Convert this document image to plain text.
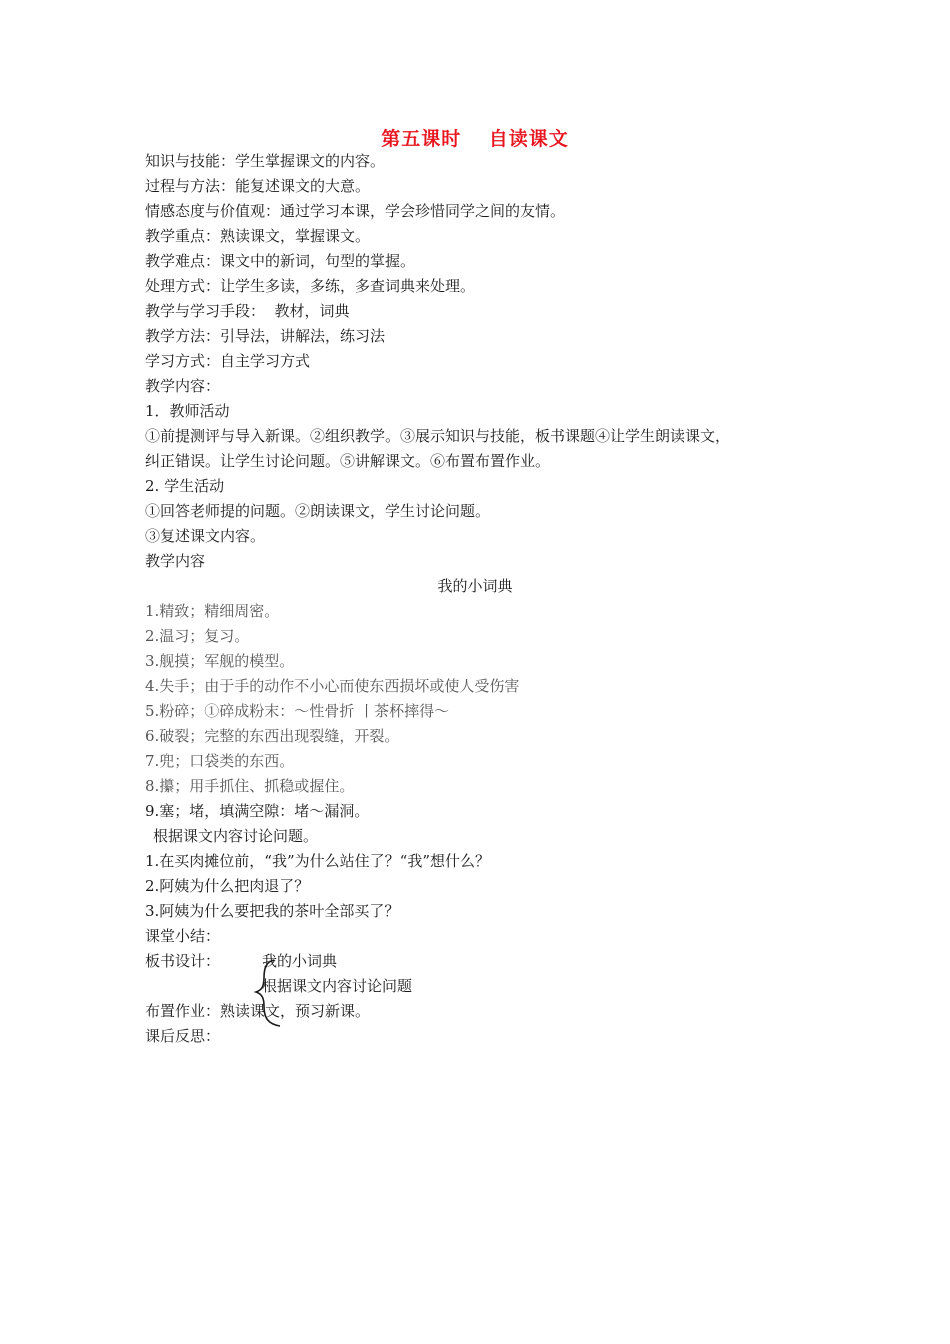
第五课时　 自读课文
知识与技能：学生掌握课文的内容。
过程与方法：能复述课文的大意。
情感态度与价值观：通过学习本课，学会珍惜同学之间的友情。
教学重点：熟读课文，掌握课文。
教学难点：课文中的新词，句型的掌握。
处理方式：让学生多读，多练，多查词典来处理。
教学与学习手段：  教材，词典
教学方法：引导法，讲解法，练习法
学习方式：自主学习方式
教学内容：
1．教师活动
①前提测评与导入新课。②组织教学。③展示知识与技能，板书课题④让学生朗读课文，
纠正错误。让学生讨论问题。⑤讲解课文。⑥布置布置作业。
2. 学生活动
①回答老师提的问题。②朗读课文，学生讨论问题。
③复述课文内容。
教学内容
我的小词典
1.精致；精细周密。
2.温习；复习。
3.舰摸；军舰的模型。
4.失手；由于手的动作不小心而使东西损坏或使人受伤害
5.粉碎；①碎成粉末：～性骨折 丨茶杯摔得～
6.破裂；完整的东西出现裂缝，开裂。
7.兜；口袋类的东西。
8.攥；用手抓住、抓稳或握住。
9.塞；堵，填满空隙：堵～漏洞。
根据课文内容讨论问题。
1.在买肉摊位前，“我”为什么站住了？“我”想什么？
2.阿姨为什么把肉退了？
3.阿姨为什么要把我的茶叶全部买了？
课堂小结：
板书设计：
布置作业：熟读课文，预习新课。
课后反思：
我的小词典
根据课文内容讨论问题
